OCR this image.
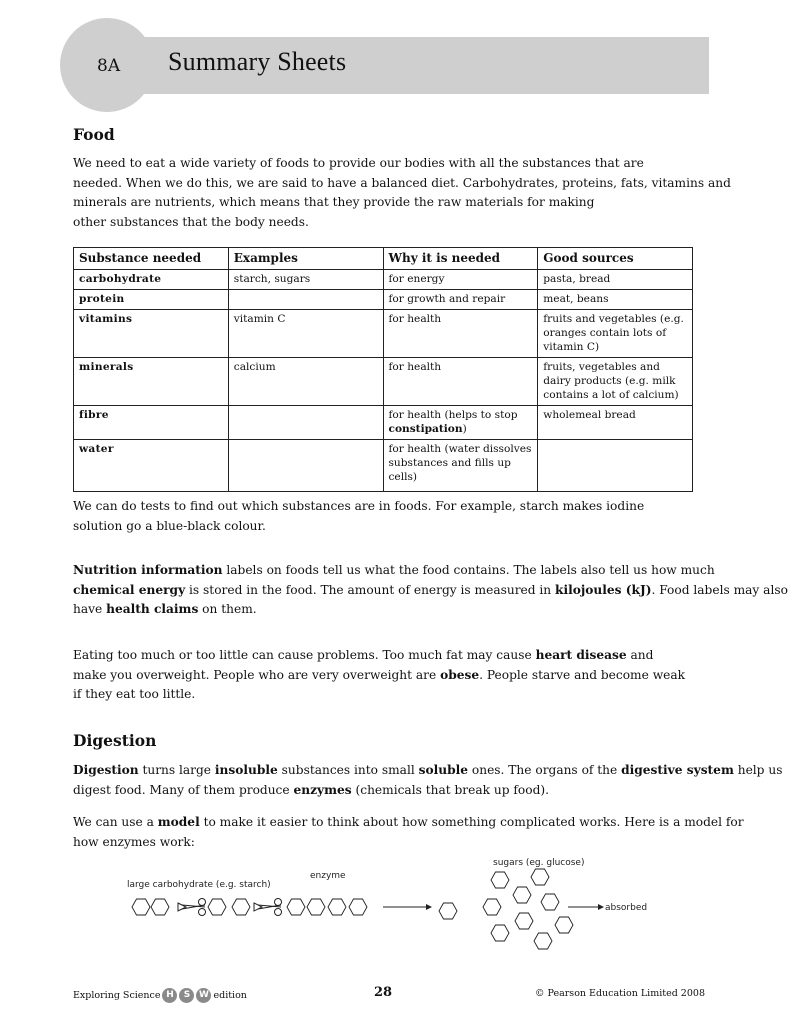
8A Summary Sheets
Food
We need to eat a wide variety of foods to provide our bodies with all the substances that are
needed. When we do this, we are said to have a balanced diet. Carbohydrates, proteins, fats, vitamins and
minerals are nutrients, which means that they provide the raw materials for making
other substances that the body needs.
Substance needed	Examples	Why it is needed	Good sources
carbohydrate	starch, sugars	for energy	pasta, bread
protein		for growth and repair	meat, beans
vitamins	vitamin C	for health	fruits and vegetables (e.g. oranges contain lots of vitamin C)
minerals	calcium	for health	fruits, vegetables and dairy products (e.g. milk contains a lot of calcium)
fibre		for health (helps to stop constipation)	wholemeal bread
water		for health (water dissolves substances and fills up cells)	
We can do tests to find out which substances are in foods. For example, starch makes iodine
solution go a blue-black colour.
Nutrition information labels on foods tell us what the food contains. The labels also tell us how much
chemical energy is stored in the food. The amount of energy is measured in kilojoules (kJ). Food labels may also
have health claims on them.
Eating too much or too little can cause problems. Too much fat may cause heart disease and
make you overweight. People who are very overweight are obese. People starve and become weak
if they eat too little.
Digestion
Digestion turns large insoluble substances into small soluble ones. The organs of the digestive system help us
digest food. Many of them produce enzymes (chemicals that break up food).
We can use a model to make it easier to think about how something complicated works. Here is a model for
how enzymes work:
large carbohydrate (e.g. starch)
enzyme
sugars (eg. glucose)
absorbed
Exploring Science H	S W edition	28	© Pearson Education Limited 2008
